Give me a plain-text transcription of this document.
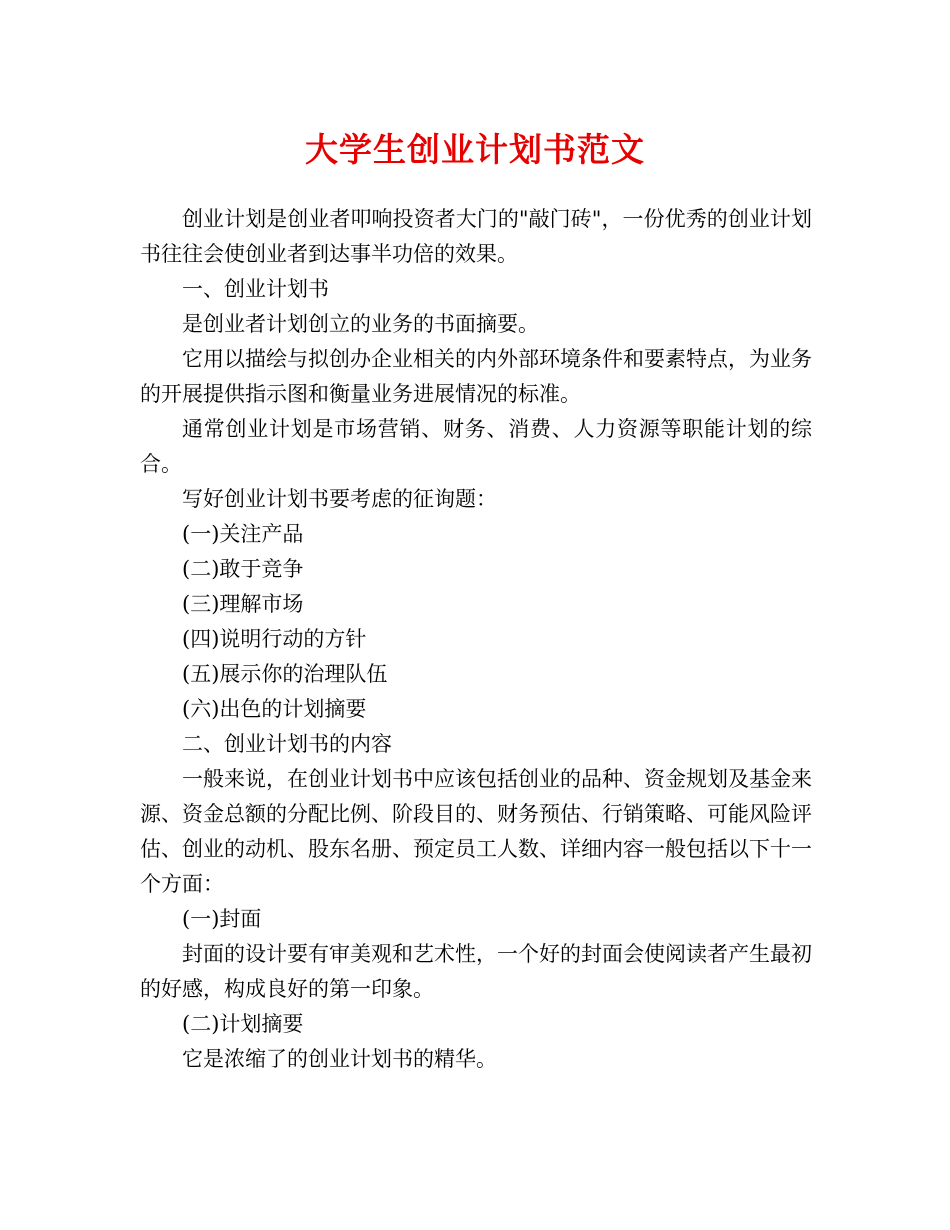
大学生创业计划书范文

创业计划是创业者叩响投资者大门的"敲门砖"，一份优秀的创业计划书往往会使创业者到达事半功倍的效果。

一、创业计划书

是创业者计划创立的业务的书面摘要。

它用以描绘与拟创办企业相关的内外部环境条件和要素特点，为业务的开展提供指示图和衡量业务进展情况的标准。

通常创业计划是市场营销、财务、消费、人力资源等职能计划的综合。

写好创业计划书要考虑的征询题：

(一)关注产品

(二)敢于竞争

(三)理解市场

(四)说明行动的方针

(五)展示你的治理队伍

(六)出色的计划摘要

二、创业计划书的内容

一般来说，在创业计划书中应该包括创业的品种、资金规划及基金来源、资金总额的分配比例、阶段目的、财务预估、行销策略、可能风险评估、创业的动机、股东名册、预定员工人数、详细内容一般包括以下十一个方面：

(一)封面

封面的设计要有审美观和艺术性，一个好的封面会使阅读者产生最初的好感，构成良好的第一印象。

(二)计划摘要

它是浓缩了的创业计划书的精华。
